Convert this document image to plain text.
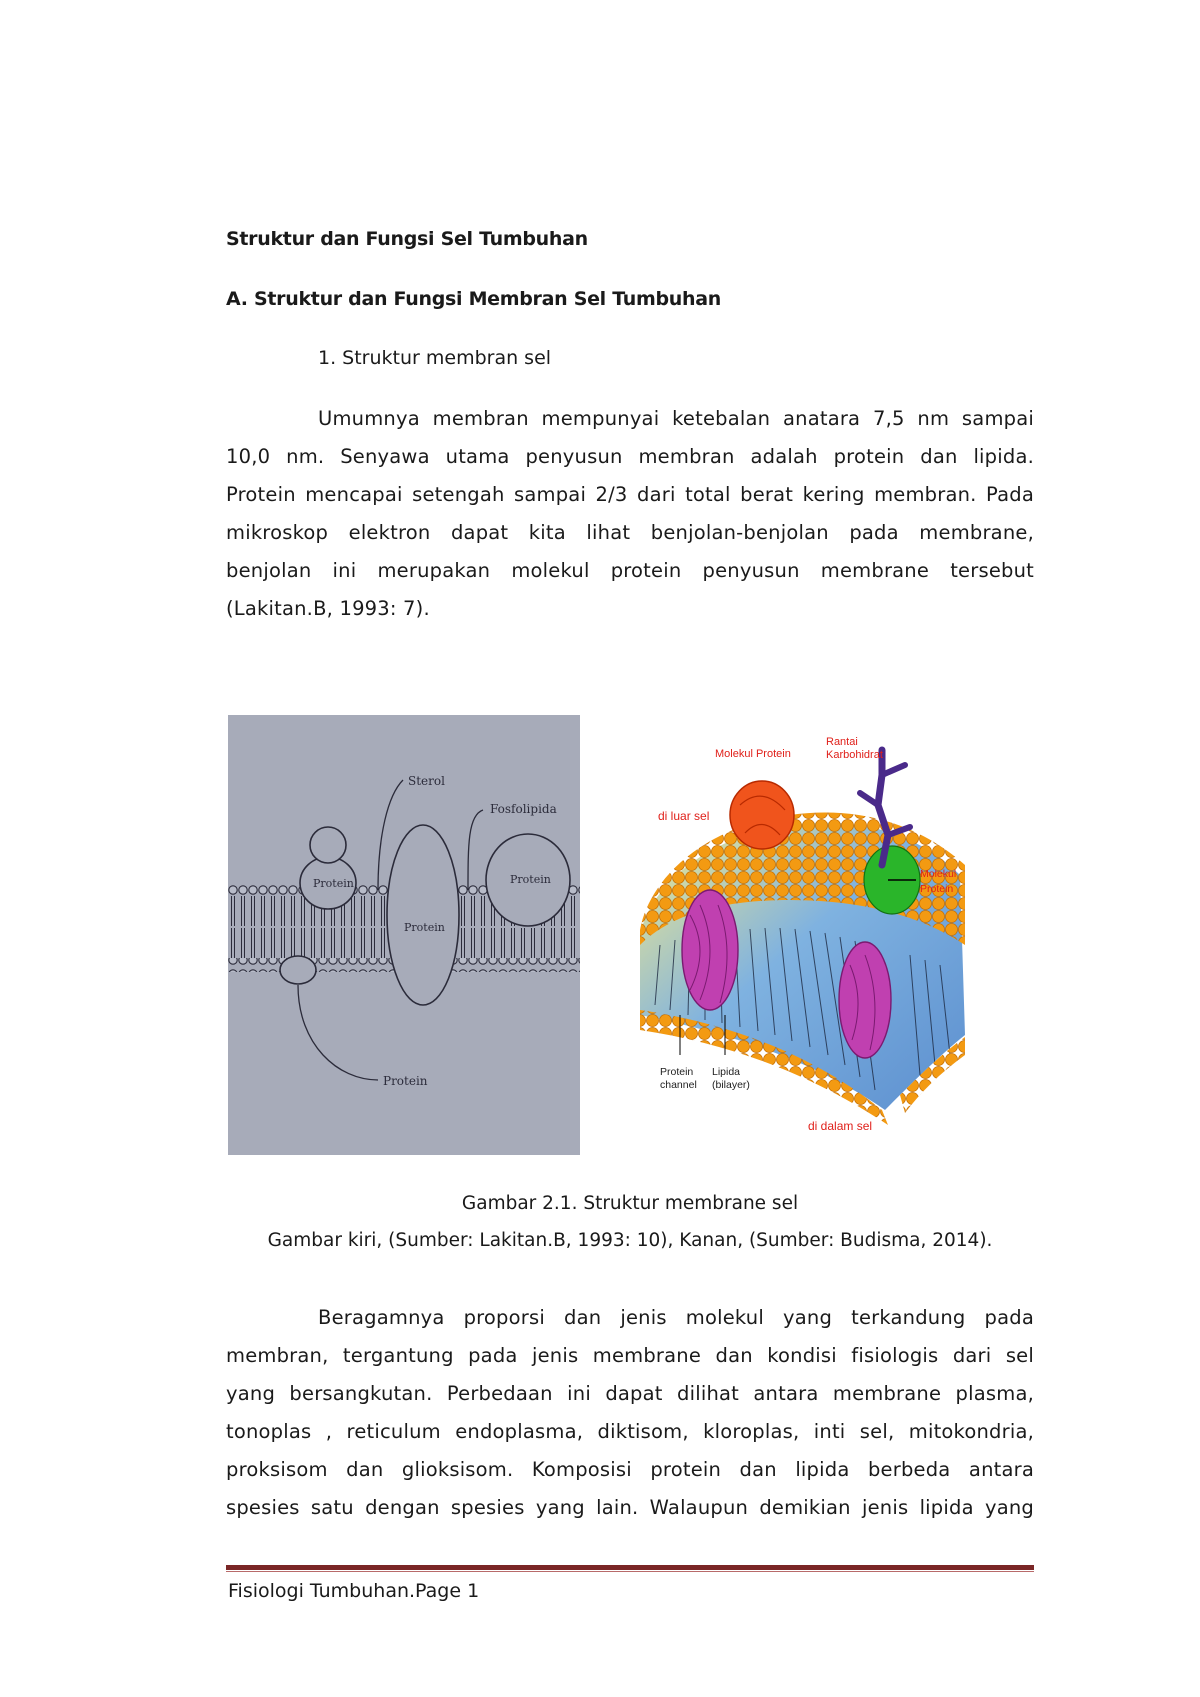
Struktur dan Fungsi Sel Tumbuhan
A. Struktur dan Fungsi Membran Sel Tumbuhan
1. Struktur membran sel
Umumnya membran mempunyai ketebalan anatara 7,5 nm sampai
10,0 nm. Senyawa utama penyusun membran adalah protein dan lipida.
Protein mencapai setengah sampai 2/3 dari total berat kering membran. Pada
mikroskop elektron dapat kita lihat benjolan-benjolan pada membrane,
benjolan ini merupakan molekul protein penyusun membrane tersebut
(Lakitan.B, 1993: 7).
Sterol
Fosfolipida
Protein
Protein
Protein
Protein
Molekul Protein
Rantai
Karbohidrat
di luar sel
Molekul
Protein
Protein
channel
Lipida
(bilayer)
di dalam sel
Gambar 2.1. Struktur membrane sel
Gambar kiri, (Sumber: Lakitan.B, 1993: 10), Kanan, (Sumber: Budisma, 2014).
Beragamnya proporsi dan jenis molekul yang terkandung pada
membran, tergantung pada jenis membrane dan kondisi fisiologis dari sel
yang bersangkutan. Perbedaan ini dapat dilihat antara membrane plasma,
tonoplas , reticulum endoplasma, diktisom, kloroplas, inti sel, mitokondria,
proksisom dan glioksisom. Komposisi protein dan lipida berbeda antara
spesies satu dengan spesies yang lain. Walaupun demikian jenis lipida yang
Fisiologi Tumbuhan.Page 1
